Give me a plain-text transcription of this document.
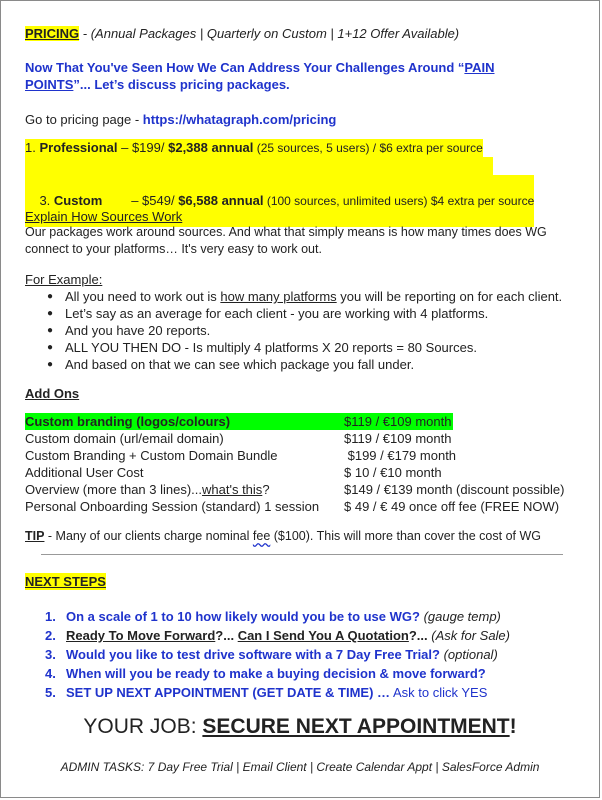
PRICING - (Annual Packages | Quarterly on Custom | 1+12 Offer Available)
Now That You've Seen How We Can Address Your Challenges Around “PAIN
POINTS”... Let’s discuss pricing packages.
Go to pricing page - https://whatagraph.com/pricing
1. Professional – $199/ $2,388 annual (25 sources, 5 users) / $6 extra per source

3. Custom        – $549/ $6,588 annual (100 sources, unlimited users) $4 extra per source

Explain How Sources Work
Our packages work around sources. And what that simply means is how many times does WG
connect to your platforms… It's very easy to work out.
For Example:
● All you need to work out is how many platforms you will be reporting on for each client.
● Let’s say as an average for each client - you are working with 4 platforms.
● And you have 20 reports.
● ALL YOU THEN DO - Is multiply 4 platforms X 20 reports = 80 Sources.
● And based on that we can see which package you fall under.
Add Ons
Custom branding (logos/colours)	$119 / €109 month
Custom domain (url/email domain)	$119 / €109 month
Custom Branding + Custom Domain Bundle	$199 / €179 month
Additional User Cost	$ 10 / €10 month
Overview (more than 3 lines)...what's this?	$149 / €139 month (discount possible)
Personal Onboarding Session (standard) 1 session $ 49 / € 49 once off fee (FREE NOW)
TIP - Many of our clients charge nominal fee ($100). This will more than cover the cost of WG
NEXT STEPS
1. On a scale of 1 to 10 how likely would you be to use WG? (gauge temp)
2. Ready To Move Forward?... Can I Send You A Quotation?... (Ask for Sale)
3. Would you like to test drive software with a 7 Day Free Trial? (optional)
4. When will you be ready to make a buying decision & move forward?
5. SET UP NEXT APPOINTMENT (GET DATE & TIME) … Ask to click YES
YOUR JOB: SECURE NEXT APPOINTMENT!
ADMIN TASKS: 7 Day Free Trial | Email Client | Create Calendar Appt | SalesForce Admin
